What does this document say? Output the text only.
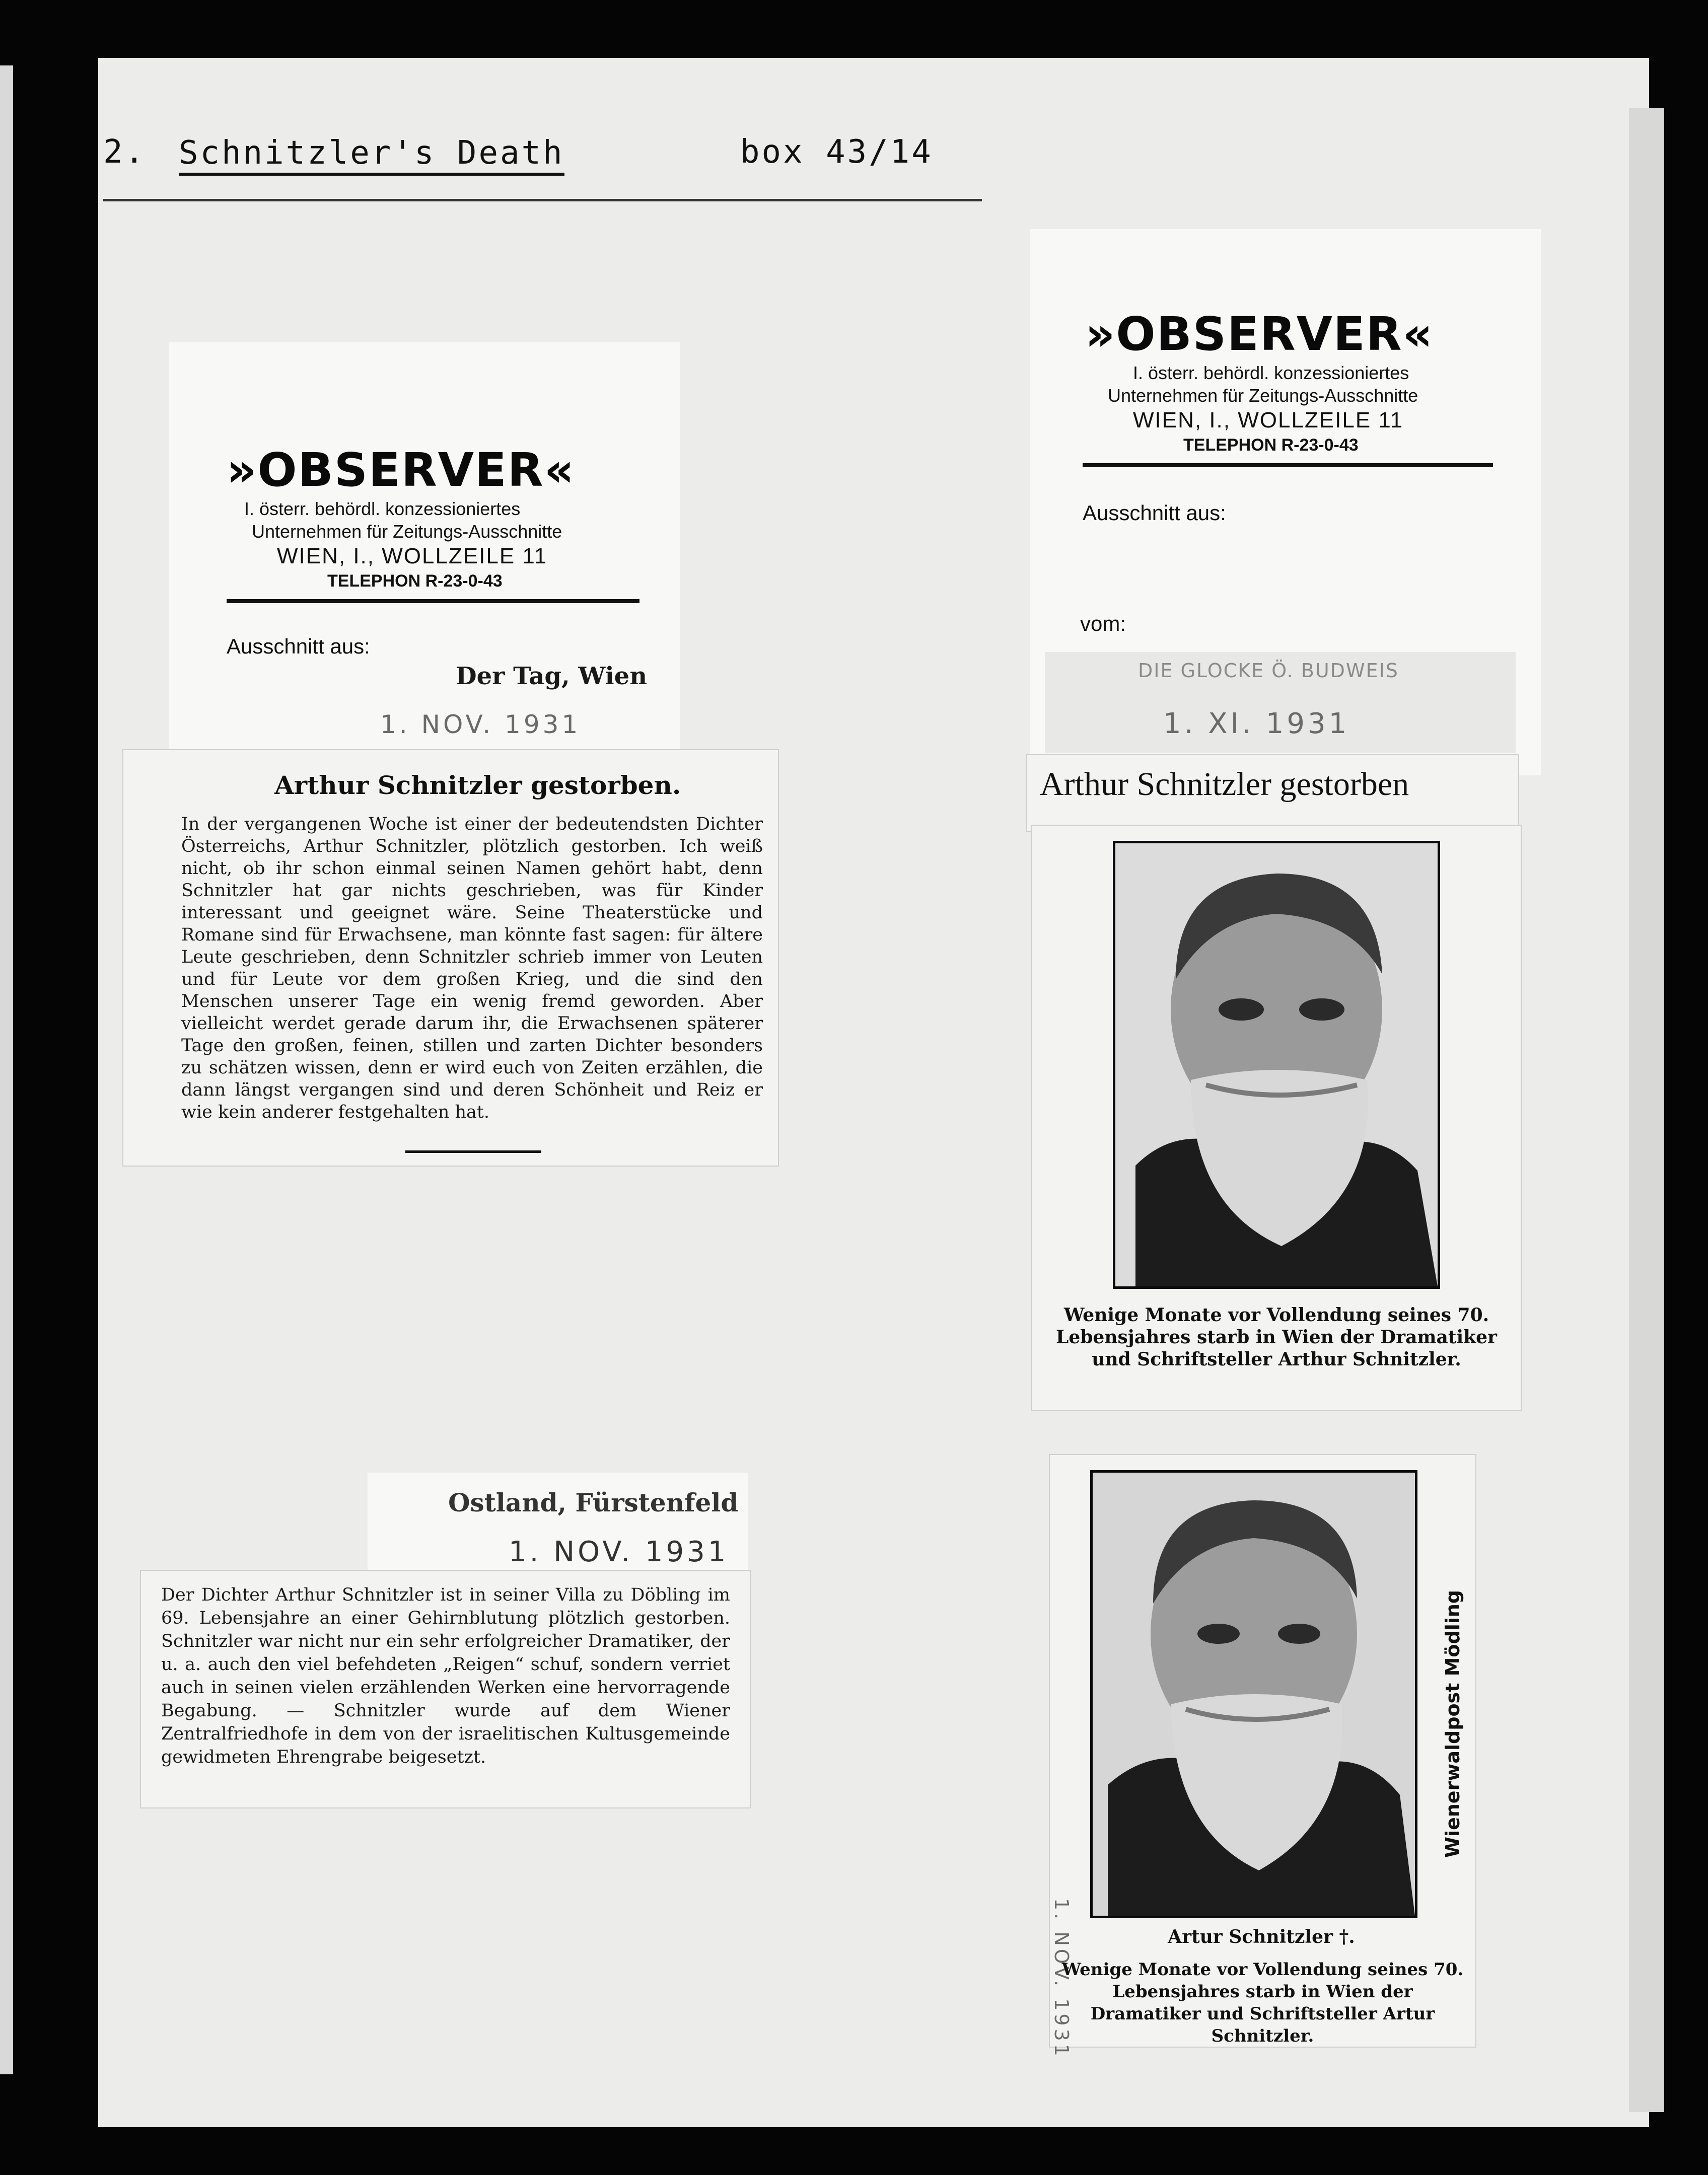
2. Schnitzler's Death	box 43/14
»OBSERVER«
I. österr. behördl. konzessioniertes
Unternehmen für Zeitungs-Ausschnitte
WIEN, I., WOLLZEILE 11
TELEPHON R-23-0-43
Ausschnitt aus:
Der Tag, Wien
1. NOV. 1931
Arthur Schnitzler gestorben.

In der vergangenen Woche ist einer der bedeutendsten Dichter Österreichs, Arthur Schnitzler, plötzlich gestorben. Ich weiß nicht, ob ihr schon einmal seinen Namen gehört habt, denn Schnitzler hat gar nichts geschrieben, was für Kinder interessant und geeignet wäre. Seine Theaterstücke und Romane sind für Erwachsene, man könnte fast sagen: für ältere Leute geschrieben, denn Schnitzler schrieb immer von Leuten und für Leute vor dem großen Krieg, und die sind den Menschen unserer Tage ein wenig fremd geworden. Aber vielleicht werdet gerade darum ihr, die Erwachsenen späterer Tage den großen, feinen, stillen und zarten Dichter besonders zu schätzen wissen, denn er wird euch von Zeiten erzählen, die dann längst vergangen sind und deren Schönheit und Reiz er wie kein anderer festgehalten hat.

»OBSERVER«
I. österr. behördl. konzessioniertes
Unternehmen für Zeitungs-Ausschnitte
WIEN, I., WOLLZEILE 11
TELEPHON R-23-0-43
Ausschnitt aus:
vom:
DIE GLOCKE Ö. BUDWEIS
1. XI. 1931
Arthur Schnitzler gestorben
Wenige Monate vor Vollendung seines 70. Lebensjahres starb in Wien der Dramatiker und Schriftsteller Arthur Schnitzler.
Ostland, Fürstenfeld
1. NOV. 1931

Der Dichter Arthur Schnitzler ist in seiner Villa zu Döbling im 69. Lebensjahre an einer Gehirnblutung plötzlich gestorben. Schnitzler war nicht nur ein sehr erfolgreicher Dramatiker, der u. a. auch den viel befehdeten „Reigen“ schuf, sondern verriet auch in seinen vielen erzählenden Werken eine hervorragende Begabung. — Schnitzler wurde auf dem Wiener Zentralfriedhofe in dem von der israelitischen Kultusgemeinde gewidmeten Ehrengrabe beigesetzt.	Wienerwaldpost Mödling
1. NOV. 1931	Artur Schnitzler †.
Wenige Monate vor Vollendung seines 70. Lebensjahres starb in Wien der Dramatiker und Schriftsteller Artur Schnitzler.
